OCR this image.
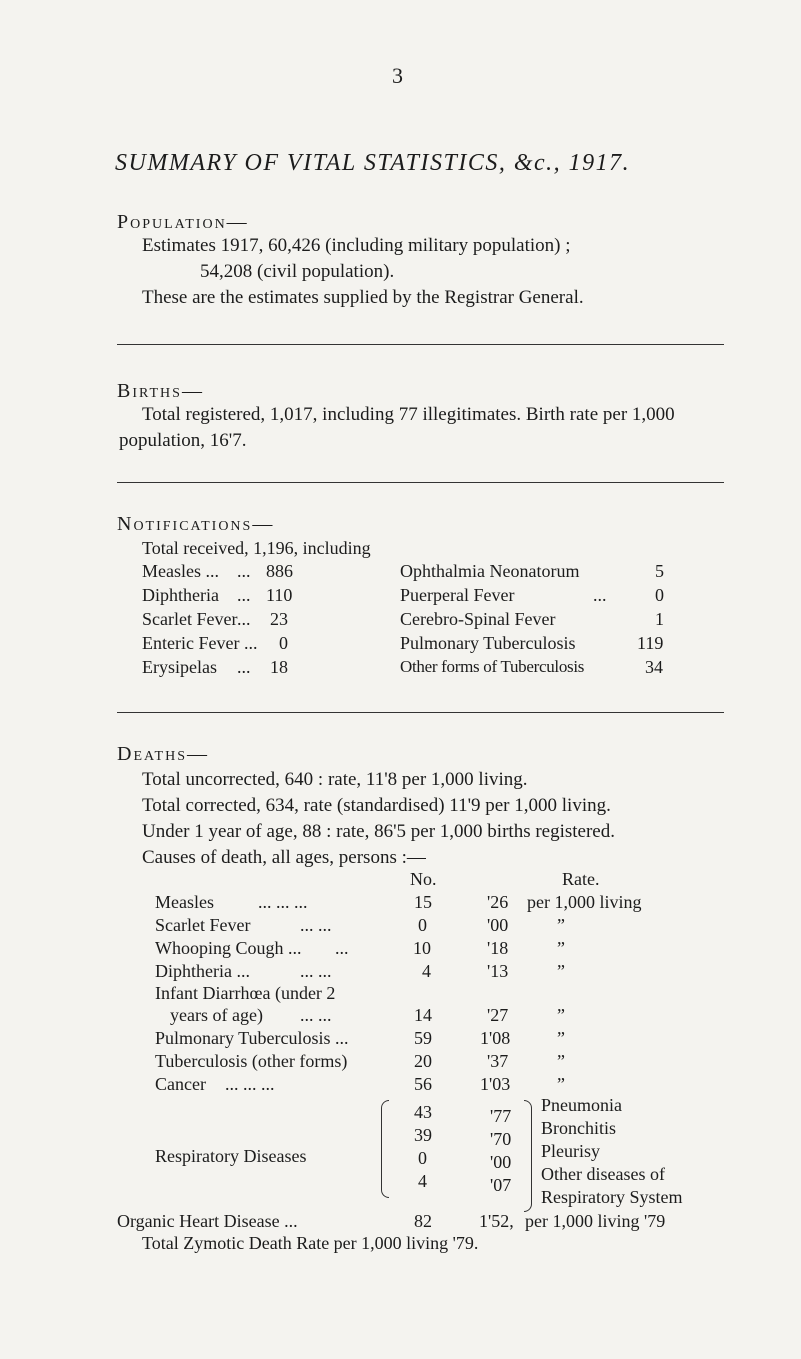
3
SUMMARY OF VITAL STATISTICS, &c., 1917.
Population—
Estimates 1917, 60,426 (including military population) ;
54,208 (civil population).
These are the estimates supplied by the Registrar General.
Births—
Total registered, 1,017, including 77 illegitimates. Birth rate per 1,000
population, 16'7.
Notifications—
Total received, 1,196, including
Measles ... ... 886
Diphtheria ... 110
Scarlet Fever ... 23
Enteric Fever ... 0
Erysipelas ... 18
Ophthalmia Neonatorum	5
Puerperal Fever	...	0
Cerebro-Spinal Fever	1
Pulmonary Tuberculosis	119
Other forms of Tuberculosis	34
Deaths—
Total uncorrected, 640 : rate, 11'8 per 1,000 living.
Total corrected, 634, rate (standardised) 11'9 per 1,000 living.
Under 1 year of age, 88 : rate, 86'5 per 1,000 births registered.
Causes of death, all ages, persons :—
No.	Rate.
Measles ... ... ...	15	'26 per 1,000 living
Scarlet Fever	... ...	0	'00	”
Whooping Cough ... ...	10	'18	”
Diphtheria ...	... ...	4	'13	”
Infant Diarrhœa (under 2
years of age) ... ...	14	'27	”
Pulmonary Tuberculosis ...	59	1'08	”
Tuberculosis (other forms)	20	'37	”
Cancer ... ... ...	56	1'03	”
Respiratory Diseases
43	'77
Pneumonia
39	'70
Bronchitis
0	'00
Pleurisy
4	'07
Other diseases of
Respiratory System
Organic Heart Disease ...	82	1'52, per 1,000 living '79
Total Zymotic Death Rate per 1,000 living '79.
